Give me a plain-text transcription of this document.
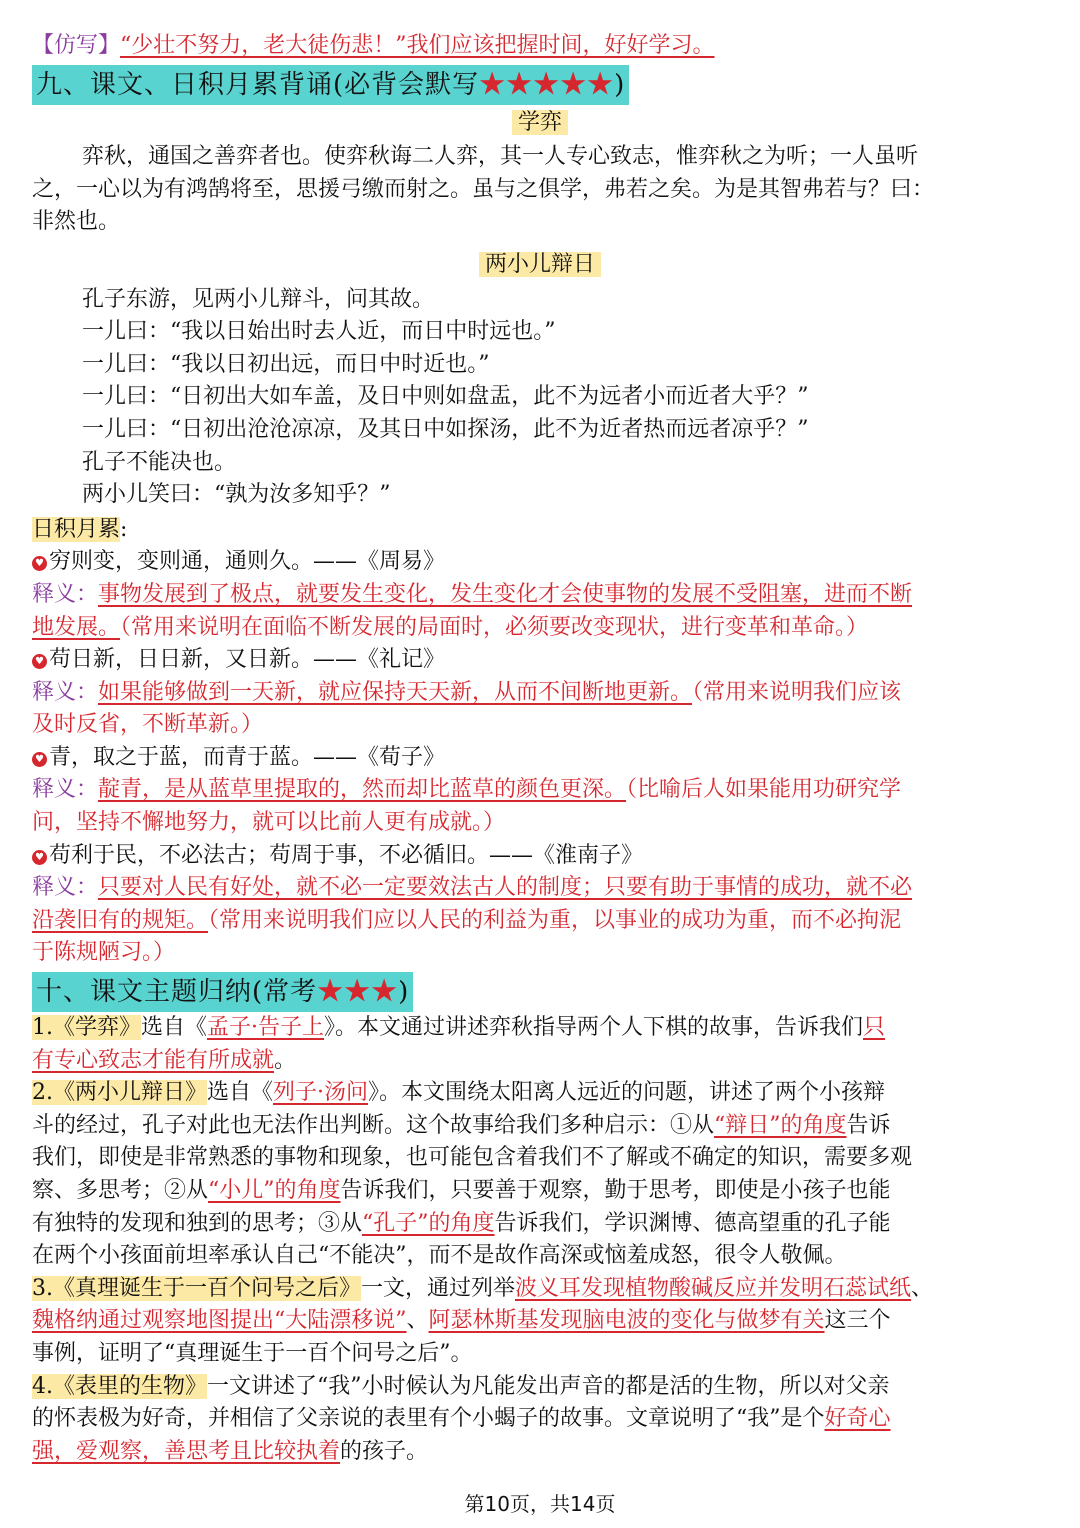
【仿写】“少壮不努力，老大徒伤悲！”我们应该把握时间，好好学习。
九、课文、日积月累背诵(必背会默写★★★★★)
学弈
弈秋，通国之善弈者也。使弈秋诲二人弈，其一人专心致志，惟弈秋之为听；一人虽听
之，一心以为有鸿鹄将至，思援弓缴而射之。虽与之俱学，弗若之矣。为是其智弗若与？曰：
非然也。
两小儿辩日
孔子东游，见两小儿辩斗，问其故。
一儿曰：“我以日始出时去人近，而日中时远也。”
一儿曰：“我以日初出远，而日中时近也。”
一儿曰：“日初出大如车盖，及日中则如盘盂，此不为远者小而近者大乎？”
一儿曰：“日初出沧沧凉凉，及其日中如探汤，此不为近者热而远者凉乎？”
孔子不能决也。
两小儿笑曰：“孰为汝多知乎？”
日积月累:
♥ 穷则变，变则通，通则久。——《周易》
释义：事物发展到了极点，就要发生变化，发生变化才会使事物的发展不受阻塞，进而不断
地发展。（常用来说明在面临不断发展的局面时，必须要改变现状，进行变革和革命。）
♥ 苟日新，日日新，又日新。——《礼记》
释义：如果能够做到一天新，就应保持天天新，从而不间断地更新。（常用来说明我们应该
及时反省，不断革新。）
♥ 青，取之于蓝，而青于蓝。——《荀子》
释义：靛青，是从蓝草里提取的，然而却比蓝草的颜色更深。（比喻后人如果能用功研究学
问，坚持不懈地努力，就可以比前人更有成就。）
♥ 苟利于民，不必法古；苟周于事，不必循旧。——《淮南子》
释义：只要对人民有好处，就不必一定要效法古人的制度；只要有助于事情的成功，就不必
沿袭旧有的规矩。（常用来说明我们应以人民的利益为重，以事业的成功为重，而不必拘泥
于陈规陋习。）
十、课文主题归纳(常考★★★)
1.《学弈》选自《孟子·告子上》。本文通过讲述弈秋指导两个人下棋的故事，告诉我们只
有专心致志才能有所成就。
2.《两小儿辩日》选自《列子·汤问》。本文围绕太阳离人远近的问题，讲述了两个小孩辩
斗的经过，孔子对此也无法作出判断。这个故事给我们多种启示：①从“辩日”的角度告诉
我们，即使是非常熟悉的事物和现象，也可能包含着我们不了解或不确定的知识，需要多观
察、多思考；②从“小儿”的角度告诉我们，只要善于观察，勤于思考，即使是小孩子也能
有独特的发现和独到的思考；③从“孔子”的角度告诉我们，学识渊博、德高望重的孔子能
在两个小孩面前坦率承认自己“不能决”，而不是故作高深或恼羞成怒，很令人敬佩。
3.《真理诞生于一百个问号之后》一文，通过列举波义耳发现植物酸碱反应并发明石蕊试纸、
魏格纳通过观察地图提出“大陆漂移说”、阿瑟林斯基发现脑电波的变化与做梦有关这三个
事例，证明了“真理诞生于一百个问号之后”。
4.《表里的生物》一文讲述了“我”小时候认为凡能发出声音的都是活的生物，所以对父亲
的怀表极为好奇，并相信了父亲说的表里有个小蝎子的故事。文章说明了“我”是个好奇心
强，爱观察，善思考且比较执着的孩子。
第10页，共14页
